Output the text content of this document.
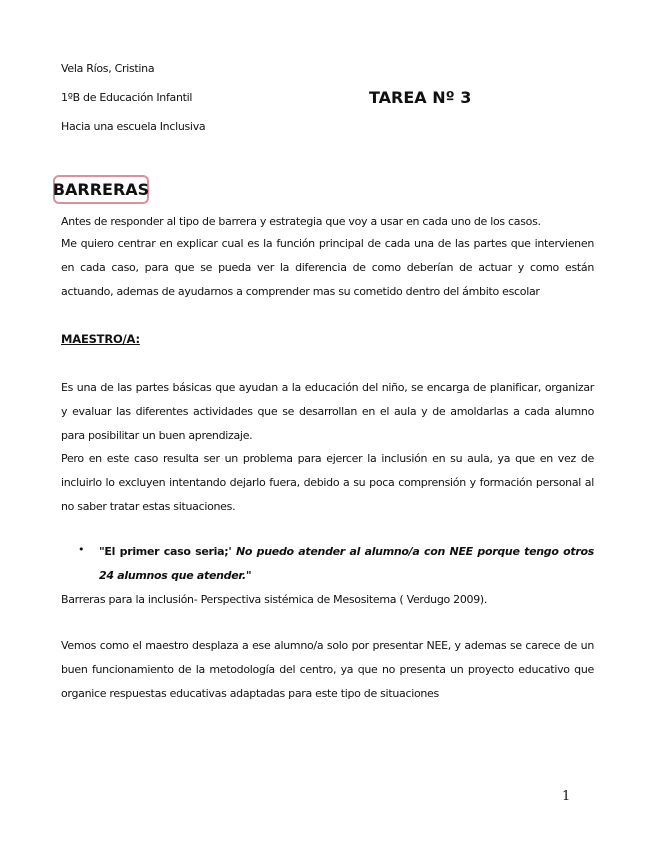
Vela Ríos, Cristina
1ºB de Educación Infantil	TAREA Nº 3
Hacia una escuela Inclusiva
BARRERAS
Antes de responder al tipo de barrera y estrategia que voy a usar en cada uno de los casos.
Me quiero centrar en explicar cual es la función principal de cada una de las partes que intervienen en cada caso, para que se pueda ver la diferencia de como deberían de actuar y como están actuando, ademas de ayudarnos a comprender mas su cometido dentro del ámbito escolar
MAESTRO/A:
Es una de las partes básicas que ayudan a la educación del niño, se encarga de planificar, organizar y evaluar las diferentes actividades que se desarrollan en el aula y de amoldarlas a cada alumno para posibilitar un buen aprendizaje.
Pero en este caso resulta ser un problema para ejercer la inclusión en su aula, ya que en vez de incluirlo lo excluyen intentando dejarlo fuera, debido a su poca comprensión y formación personal al no saber tratar estas situaciones.
• "El primer caso seria;' No puedo atender al alumno/a con NEE porque tengo otros 24 alumnos que atender."
Barreras para la inclusión- Perspectiva sistémica de Mesositema ( Verdugo 2009).
Vemos como el maestro desplaza a ese alumno/a solo por presentar NEE, y ademas se carece de un buen funcionamiento de la metodología del centro, ya que no presenta un proyecto educativo que organice respuestas educativas adaptadas para este tipo de situaciones
1
